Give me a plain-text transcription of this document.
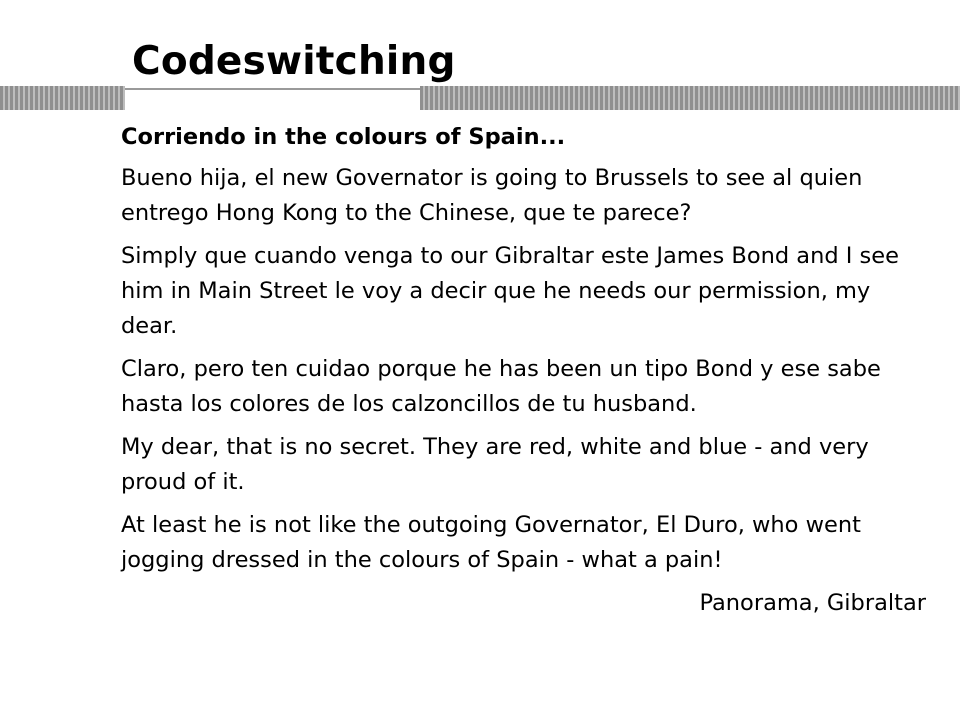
Codeswitching

Corriendo in the colours of Spain...

Bueno hija, el new Governator is going to Brussels to see al quien entrego Hong Kong to the Chinese, que te parece?

Simply que cuando venga to our Gibraltar este James Bond and I see him in Main Street le voy a decir que he needs our permission, my dear.

Claro, pero ten cuidao porque he has been un tipo Bond y ese sabe hasta los colores de los calzoncillos de tu husband.

My dear, that is no secret. They are red, white and blue - and very proud of it.

At least he is not like the outgoing Governator, El Duro, who went jogging dressed in the colours of Spain - what a pain!

Panorama, Gibraltar
